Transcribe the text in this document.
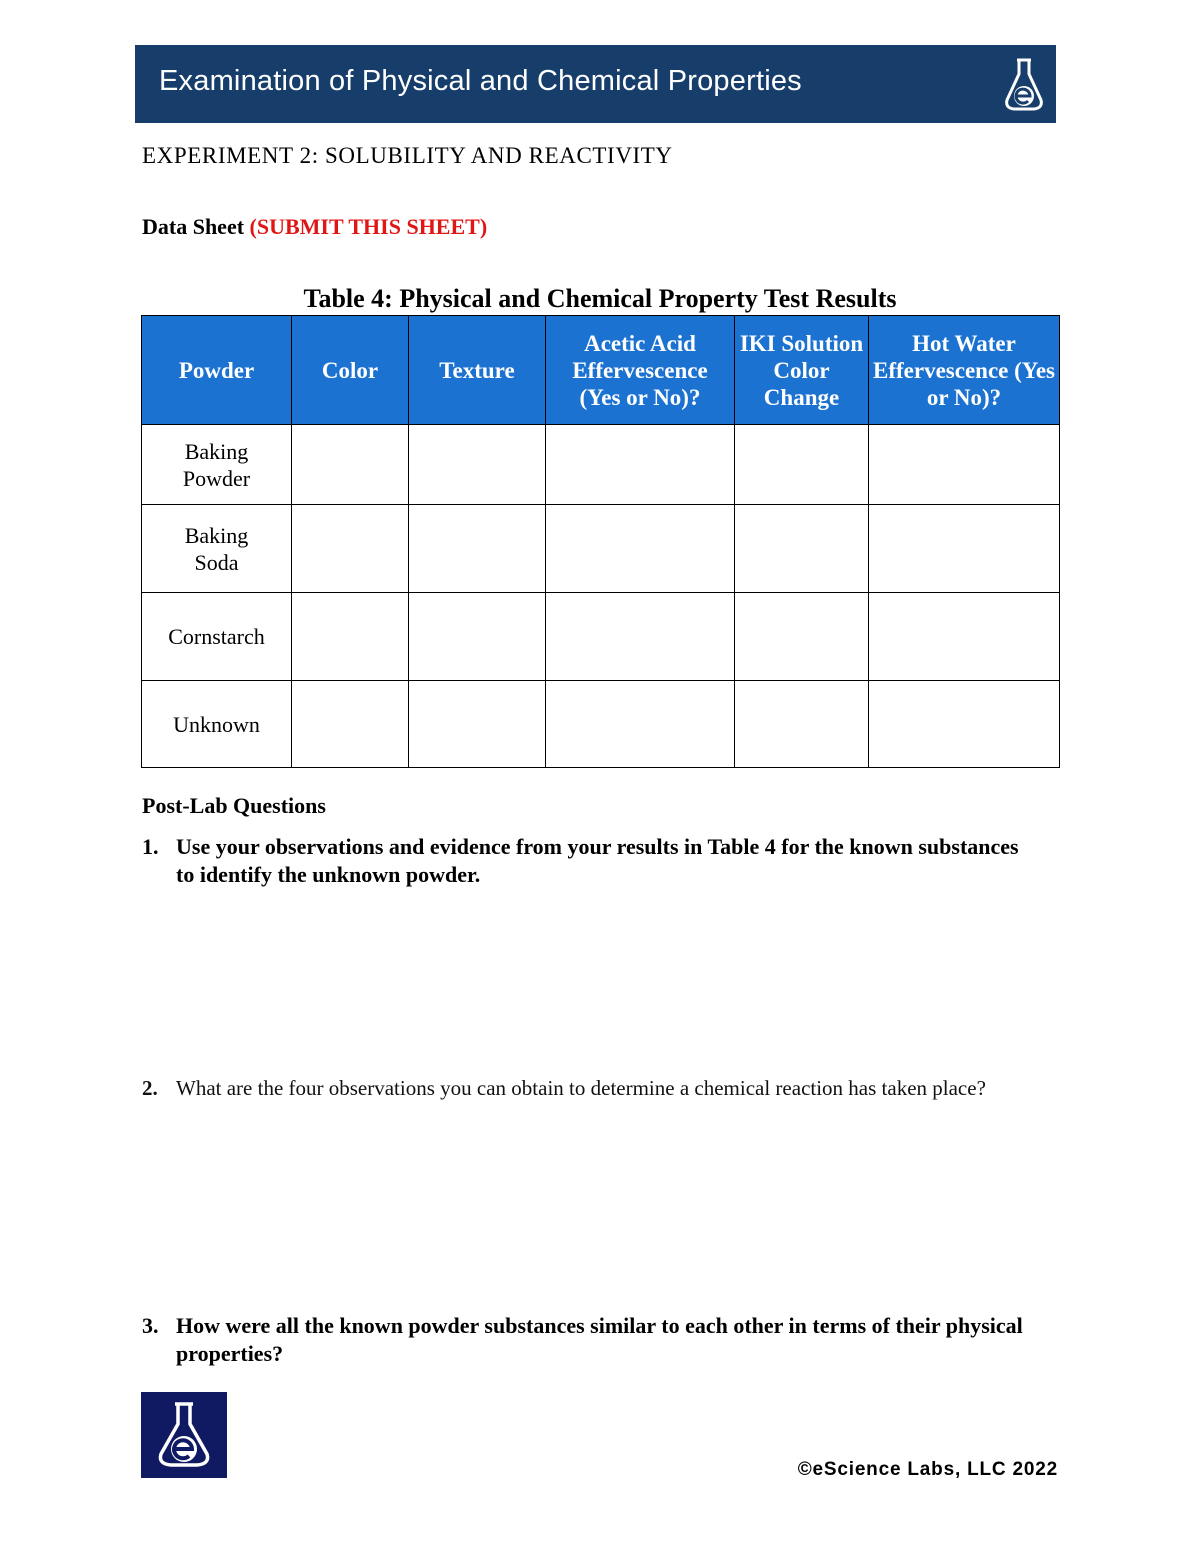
Examination of Physical and Chemical Properties
EXPERIMENT 2: SOLUBILITY AND REACTIVITY
Data Sheet (SUBMIT THIS SHEET)
Table 4: Physical and Chemical Property Test Results
Powder	Color	Texture	Acetic Acid Effervescence (Yes or No)?	IKI Solution Color Change	Hot Water Effervescence (Yes or No)?
Baking Powder					
Baking Soda					
Cornstarch					
Unknown					
Post-Lab Questions
1. Use your observations and evidence from your results in Table 4 for the known substances to identify the unknown powder.
2. What are the four observations you can obtain to determine a chemical reaction has taken place?
3. How were all the known powder substances similar to each other in terms of their physical properties?
©eScience Labs, LLC 2022
